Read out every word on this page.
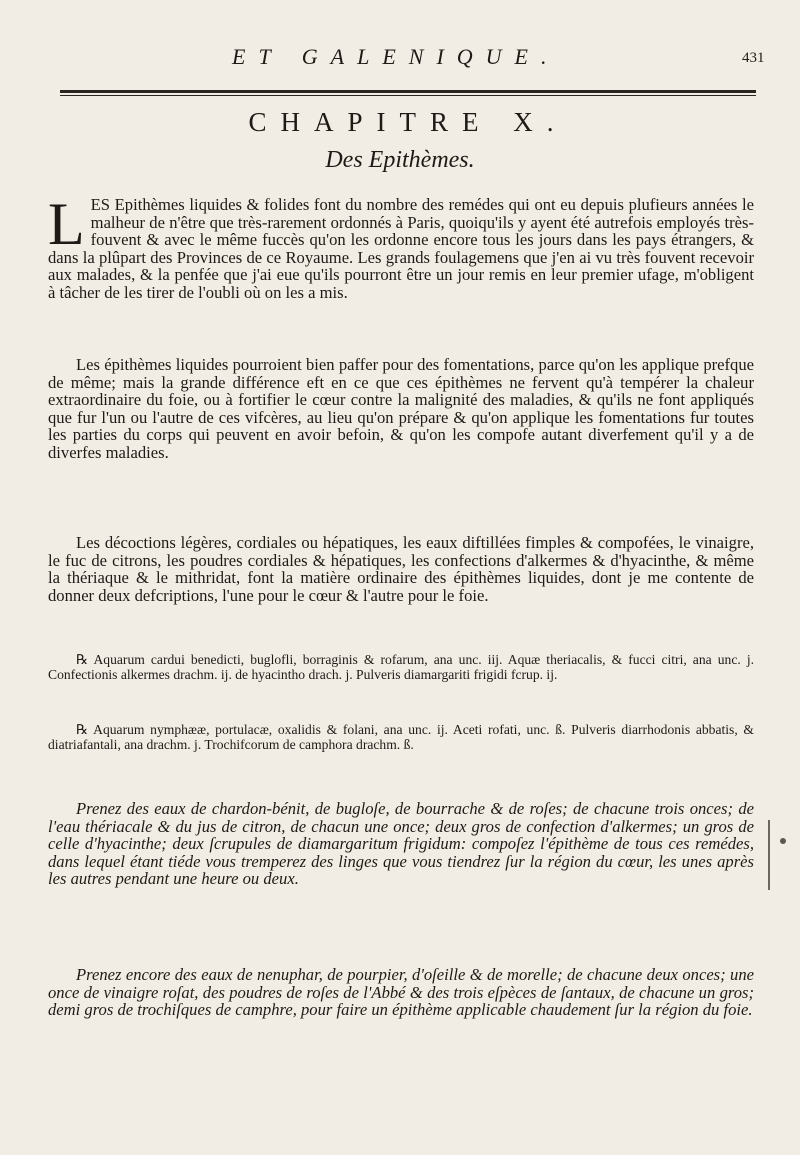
ET GALENIQUE.	431
CHAPITRE X.
Des Epithèmes.
LES Epithèmes liquides & folides font du nombre des remédes qui ont eu depuis plufieurs années le malheur de n'être que très-rarement ordonnés à Paris, quoiqu'ils y ayent été autrefois employés très-fouvent & avec le même fuccès qu'on les ordonne encore tous les jours dans les pays étrangers, & dans la plûpart des Provinces de ce Royaume. Les grands foulagemens que j'en ai vu très fouvent recevoir aux malades, & la penfée que j'ai eue qu'ils pourront être un jour remis en leur premier ufage, m'obligent à tâcher de les tirer de l'oubli où on les a mis.
Les épithèmes liquides pourroient bien paffer pour des fomentations, parce qu'on les applique prefque de même; mais la grande différence eft en ce que ces épithèmes ne fervent qu'à tempérer la chaleur extraordinaire du foie, ou à fortifier le cœur contre la malignité des maladies, & qu'ils ne font appliqués que fur l'un ou l'autre de ces vifcères, au lieu qu'on prépare & qu'on applique les fomentations fur toutes les parties du corps qui peuvent en avoir befoin, & qu'on les compofe autant diverfement qu'il y a de diverfes maladies.
Les décoctions légères, cordiales ou hépatiques, les eaux diftillées fimples & compofées, le vinaigre, le fuc de citrons, les poudres cordiales & hépatiques, les confections d'alkermes & d'hyacinthe, & même la thériaque & le mithridat, font la matière ordinaire des épithèmes liquides, dont je me contente de donner deux defcriptions, l'une pour le cœur & l'autre pour le foie.
℞ Aquarum cardui benedicti, buglofli, borraginis & rofarum, ana unc. iij. Aquæ theriacalis, & fucci citri, ana unc. j. Confectionis alkermes drachm. ij. de hyacintho drach. j. Pulveris diamargariti frigidi fcrup. ij.
℞ Aquarum nymphææ, portulacæ, oxalidis & folani, ana unc. ij. Aceti rofati, unc. ß. Pulveris diarrhodonis abbatis, & diatriafantali, ana drachm. j. Trochifcorum de camphora drachm. ß.
Prenez des eaux de chardon-bénit, de bugloſe, de bourrache & de roſes; de chacune trois onces; de l'eau thériacale & du jus de citron, de chacun une once; deux gros de confection d'alkermes; un gros de celle d'hyacinthe; deux ſcrupules de diamargaritum frigidum: compoſez l'épithème de tous ces remédes, dans lequel étant tiéde vous tremperez des linges que vous tiendrez ſur la région du cœur, les unes après les autres pendant une heure ou deux.
Prenez encore des eaux de nenuphar, de pourpier, d'oſeille & de morelle; de chacune deux onces; une once de vinaigre roſat, des poudres de roſes de l'Abbé & des trois eſpèces de ſantaux, de chacune un gros; demi gros de trochiſques de camphre, pour faire un épithème applicable chaudement ſur la région du foie.
